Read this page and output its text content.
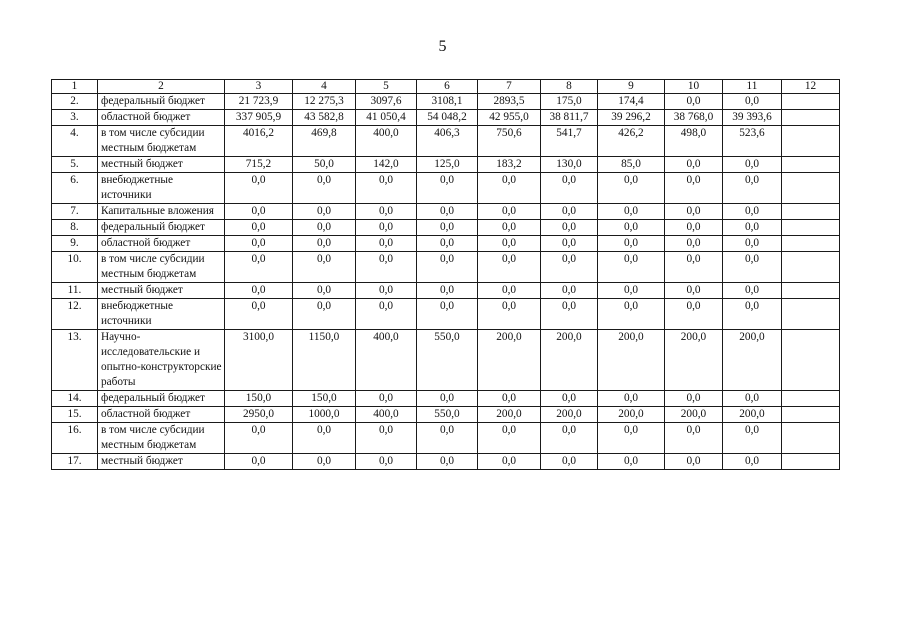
5
1	2	3	4	5	6	7	8	9	10	11	12
2.	федеральный бюджет	21 723,9	12 275,3	3097,6	3108,1	2893,5	175,0	174,4	0,0	0,0	
3.	областной бюджет	337 905,9	43 582,8	41 050,4	54 048,2	42 955,0	38 811,7	39 296,2	38 768,0	39 393,6	
4.	в том числе субсидии местным бюджетам	4016,2	469,8	400,0	406,3	750,6	541,7	426,2	498,0	523,6	
5.	местный бюджет	715,2	50,0	142,0	125,0	183,2	130,0	85,0	0,0	0,0	
6.	внебюджетные источники	0,0	0,0	0,0	0,0	0,0	0,0	0,0	0,0	0,0	
7.	Капитальные вложения	0,0	0,0	0,0	0,0	0,0	0,0	0,0	0,0	0,0	
8.	федеральный бюджет	0,0	0,0	0,0	0,0	0,0	0,0	0,0	0,0	0,0	
9.	областной бюджет	0,0	0,0	0,0	0,0	0,0	0,0	0,0	0,0	0,0	
10.	в том числе субсидии местным бюджетам	0,0	0,0	0,0	0,0	0,0	0,0	0,0	0,0	0,0	
11.	местный бюджет	0,0	0,0	0,0	0,0	0,0	0,0	0,0	0,0	0,0	
12.	внебюджетные источники	0,0	0,0	0,0	0,0	0,0	0,0	0,0	0,0	0,0	
13.	Научно-исследовательские и опытно-конструкторские работы	3100,0	1150,0	400,0	550,0	200,0	200,0	200,0	200,0	200,0	
14.	федеральный бюджет	150,0	150,0	0,0	0,0	0,0	0,0	0,0	0,0	0,0	
15.	областной бюджет	2950,0	1000,0	400,0	550,0	200,0	200,0	200,0	200,0	200,0	
16.	в том числе субсидии местным бюджетам	0,0	0,0	0,0	0,0	0,0	0,0	0,0	0,0	0,0	
17.	местный бюджет	0,0	0,0	0,0	0,0	0,0	0,0	0,0	0,0	0,0	
